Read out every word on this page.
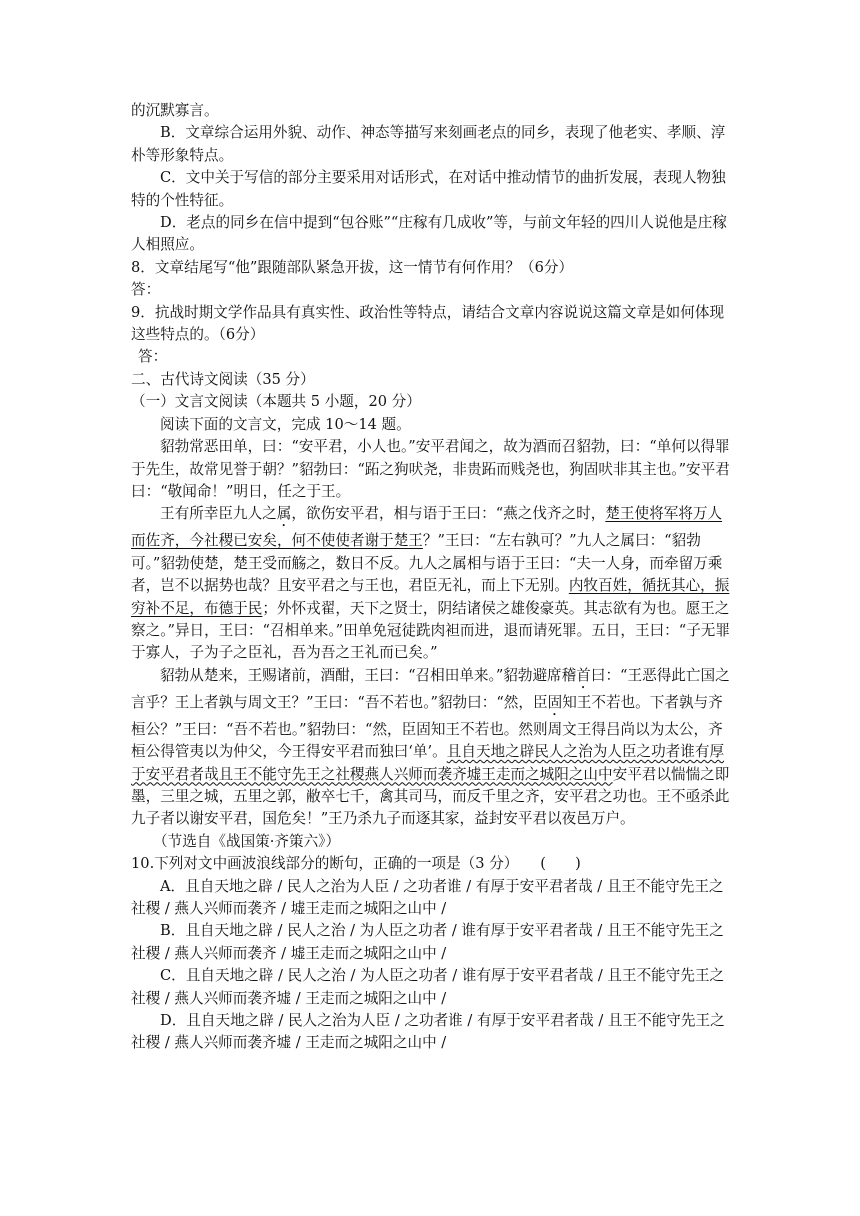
的沉默寡言。

B．文章综合运用外貌、动作、神态等描写来刻画老点的同乡，表现了他老实、孝顺、淳朴等形象特点。

C．文中关于写信的部分主要采用对话形式，在对话中推动情节的曲折发展，表现人物独特的个性特征。

D．老点的同乡在信中提到“包谷账”“庄稼有几成收”等，与前文年轻的四川人说他是庄稼人相照应。

8．文章结尾写“他”跟随部队紧急开拔，这一情节有何作用？（6分）

答：

9．抗战时期文学作品具有真实性、政治性等特点，请结合文章内容说说这篇文章是如何体现这些特点的。（6分）

答：

二、古代诗文阅读（35 分）

（一）文言文阅读（本题共 5 小题，20 分）

阅读下面的文言文，完成 10～14 题。

貂勃常恶田单，曰：“安平君，小人也。”安平君闻之，故为酒而召貂勃，曰：“单何以得罪于先生，故常见誉于朝？”貂勃曰：“跖之狗吠尧，非贵跖而贱尧也，狗固吠非其主也。”安平君曰：“敬闻命！”明日，任之于王。

王有所幸臣九人之属，欲伤安平君，相与语于王曰：“燕之伐齐之时，楚王使将军将万人而佐齐，今社稷已安矣，何不使使者谢于楚王？”王曰：“左右孰可？”九人之属曰：“貂勃可。”貂勃使楚，楚王受而觞之，数日不反。九人之属相与语于王曰：“夫一人身，而牵留万乘者，岂不以据势也哉？且安平君之与王也，君臣无礼，而上下无别。内牧百姓，循抚其心，振穷补不足，布德于民；外怀戎翟，天下之贤士，阴结诸侯之雄俊豪英。其志欲有为也。愿王之察之。”异日，王曰：“召相单来。”田单免冠徒跣肉袒而进，退而请死罪。五日，王曰：“子无罪于寡人，子为子之臣礼，吾为吾之王礼而已矣。”

貂勃从楚来，王赐诸前，酒酣，王曰：“召相田单来。”貂勃避席稽首曰：“王恶得此亡国之言乎？王上者孰与周文王？”王曰：“吾不若也。”貂勃曰：“然，臣固知王不若也。下者孰与齐桓公？”王曰：“吾不若也。”貂勃曰：“然，臣固知王不若也。然则周文王得吕尚以为太公，齐桓公得管夷以为仲父，今王得安平君而独曰‘单’。且自天地之辟民人之治为人臣之功者谁有厚于安平君者哉且王不能守先王之社稷燕人兴师而袭齐墟王走而之城阳之山中安平君以惴惴之即墨，三里之城，五里之郭，敝卒七千，禽其司马，而反千里之齐，安平君之功也。王不亟杀此九子者以谢安平君，国危矣！”王乃杀九子而逐其家，益封安平君以夜邑万户。

（节选自《战国策·齐策六》）

10.下列对文中画波浪线部分的断句，正确的一项是（3 分）　　(　　)

A．且自天地之辟 / 民人之治为人臣 / 之功者谁 / 有厚于安平君者哉 / 且王不能守先王之社稷 / 燕人兴师而袭齐 / 墟王走而之城阳之山中 /

B．且自天地之辟 / 民人之治 / 为人臣之功者 / 谁有厚于安平君者哉 / 且王不能守先王之社稷 / 燕人兴师而袭齐 / 墟王走而之城阳之山中 /

C．且自天地之辟 / 民人之治 / 为人臣之功者 / 谁有厚于安平君者哉 / 且王不能守先王之社稷 / 燕人兴师而袭齐墟 / 王走而之城阳之山中 /

D．且自天地之辟 / 民人之治为人臣 / 之功者谁 / 有厚于安平君者哉 / 且王不能守先王之社稷 / 燕人兴师而袭齐墟 / 王走而之城阳之山中 /
